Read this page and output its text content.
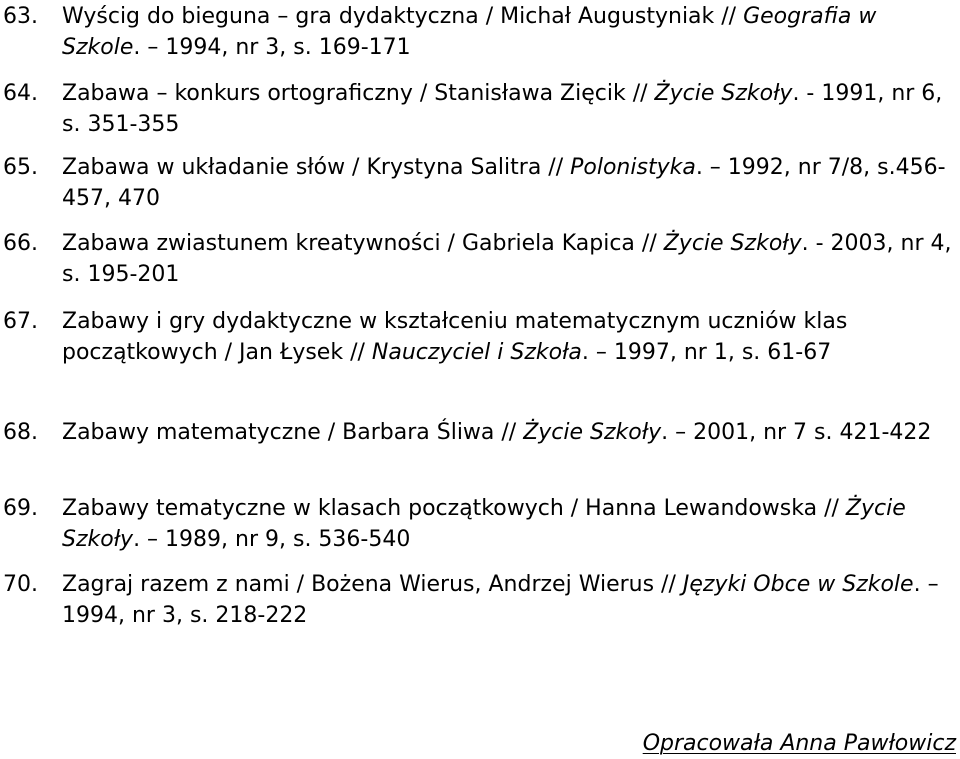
63.	Wyścig do bieguna – gra dydaktyczna / Michał Augustyniak // Geografia w Szkole. – 1994, nr 3, s. 169-171
64.	Zabawa – konkurs ortograficzny / Stanisława Zięcik // Życie Szkoły. - 1991, nr 6, s. 351-355
65.	Zabawa w układanie słów / Krystyna Salitra // Polonistyka. – 1992, nr 7/8, s.456-457, 470
66.	Zabawa zwiastunem kreatywności / Gabriela Kapica // Życie Szkoły. - 2003, nr 4, s. 195-201
67.	Zabawy i gry dydaktyczne w kształceniu matematycznym uczniów klas początkowych / Jan Łysek // Nauczyciel i Szkoła. – 1997, nr 1, s. 61-67
68.	Zabawy matematyczne / Barbara Śliwa // Życie Szkoły. – 2001, nr 7 s. 421-422
69.	Zabawy tematyczne w klasach początkowych / Hanna Lewandowska // Życie Szkoły. – 1989, nr 9, s. 536-540
70.	Zagraj razem z nami / Bożena Wierus, Andrzej Wierus // Języki Obce w Szkole. – 1994, nr 3, s. 218-222
Opracowała Anna Pawłowicz
